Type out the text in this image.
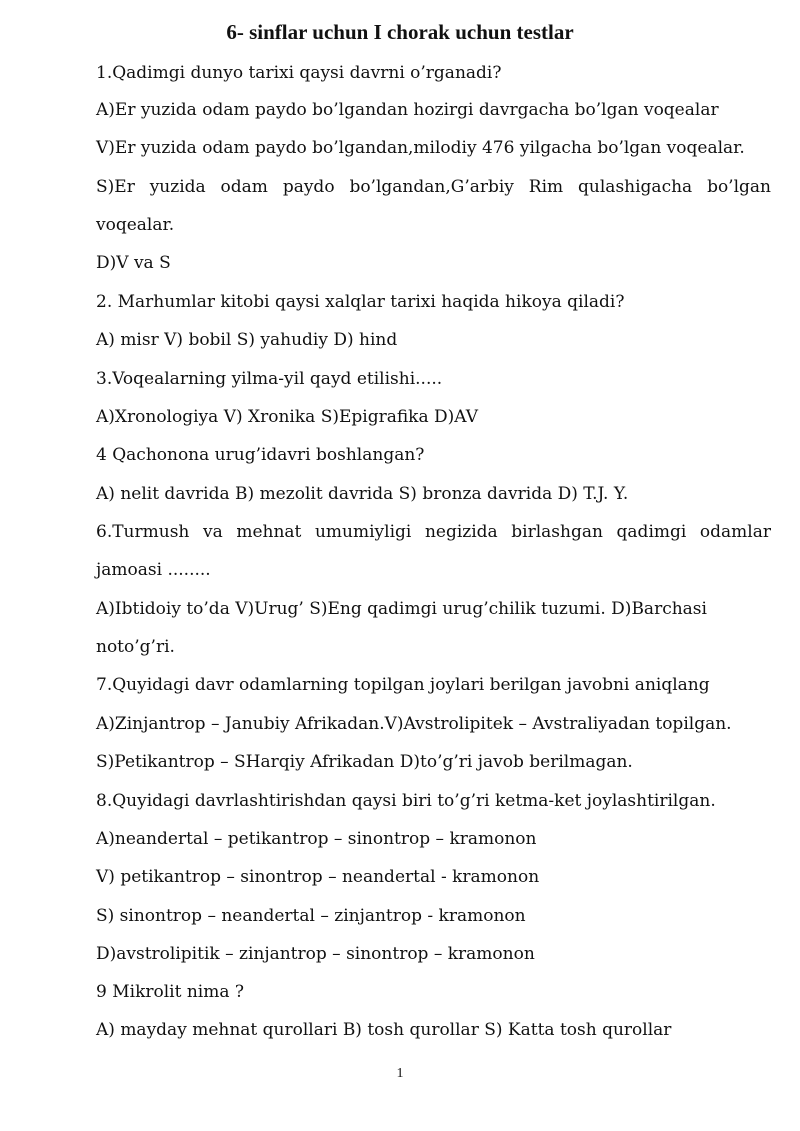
6- sinflar uchun I chorak uchun testlar
1.Qadimgi dunyo tarixi qaysi davrni o’rganadi?
A)Er yuzida odam paydo bo’lgandan hozirgi davrgacha bo’lgan voqealar
V)Er yuzida odam paydo bo’lgandan,milodiy 476 yilgacha bo’lgan voqealar.
S)Er yuzida odam paydo bo’lgandan,G’arbiy Rim qulashigacha bo’lgan
voqealar.
D)V va S
2. Marhumlar kitobi qaysi xalqlar tarixi haqida hikoya qiladi?
A) misr V) bobil S) yahudiy D) hind
3.Voqealarning yilma-yil qayd etilishi.....
A)Xronologiya V) Xronika S)Epigrafika D)AV
4 Qachonona urug’idavri boshlangan?
A) nelit davrida B) mezolit davrida S) bronza davrida D) T.J. Y.
6.Turmush va mehnat umumiyligi negizida birlashgan qadimgi odamlar
jamoasi ........
A)Ibtidoiy to’da V)Urug’ S)Eng qadimgi urug’chilik tuzumi. D)Barchasi
noto’g’ri.
7.Quyidagi davr odamlarning topilgan joylari berilgan javobni aniqlang
A)Zinjantrop – Janubiy Afrikadan.V)Avstrolipitek – Avstraliyadan topilgan.
S)Petikantrop – SHarqiy Afrikadan D)to’g’ri javob berilmagan.
8.Quyidagi davrlashtirishdan qaysi biri to’g’ri ketma-ket joylashtirilgan.
A)neandertal – petikantrop – sinontrop – kramonon
V) petikantrop – sinontrop – neandertal - kramonon
S) sinontrop – neandertal – zinjantrop - kramonon
D)avstrolipitik – zinjantrop – sinontrop – kramonon
9 Mikrolit nima ?
A) mayday mehnat qurollari B) tosh qurollar S) Katta tosh qurollar
1
